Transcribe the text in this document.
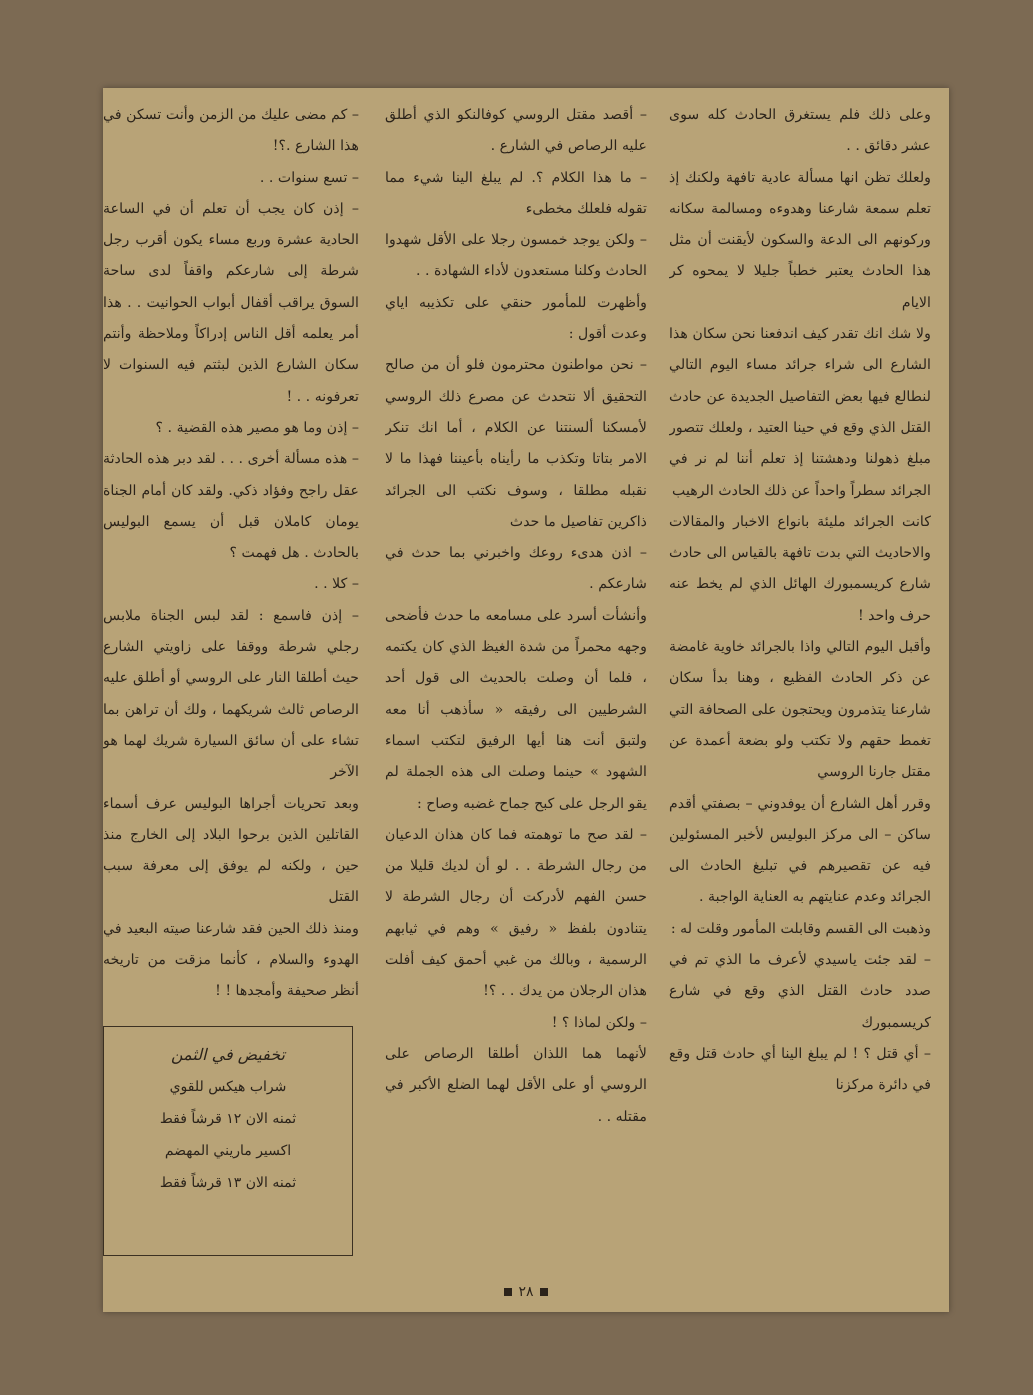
وعلى ذلك فلم يستغرق الحادث كله سوى عشر دقائق . .

ولعلك تظن انها مسألة عادية تافهة ولكنك إذ تعلم سمعة شارعنا وهدوءه ومسالمة سكانه وركونهم الى الدعة والسكون لأيقنت أن مثل هذا الحادث يعتبر خطباً جليلا لا يمحوه كر الايام

ولا شك انك تقدر كيف اندفعنا نحن سكان هذا الشارع الى شراء جرائد مساء اليوم التالي لنطالع فيها بعض التفاصيل الجديدة عن حادث القتل الذي وقع في حينا العتيد ، ولعلك تتصور مبلغ ذهولنا ودهشتنا إذ تعلم أننا لم نر في الجرائد سطراً واحداً عن ذلك الحادث الرهيب

كانت الجرائد مليئة بانواع الاخبار والمقالات والاحاديث التي بدت تافهة بالقياس الى حادث شارع كريسمبورك الهائل الذي لم يخط عنه حرف واحد !

وأقبل اليوم التالي واذا بالجرائد خاوية غامضة عن ذكر الحادث الفظيع ، وهنا بدأ سكان شارعنا يتذمرون ويحتجون على الصحافة التي تغمط حقهم ولا تكتب ولو بضعة أعمدة عن مقتل جارنا الروسي

وقرر أهل الشارع أن يوفدوني – بصفتي أقدم ساكن – الى مركز البوليس لأخبر المسئولين فيه عن تقصيرهم في تبليغ الحادث الى الجرائد وعدم عنايتهم به العناية الواجبة .

وذهبت الى القسم وقابلت المأمور وقلت له :

– لقد جئت ياسيدي لأعرف ما الذي تم في صدد حادث القتل الذي وقع في شارع كريسمبورك

– أي قتل ؟ ! لم يبلغ الينا أي حادث قتل وقع في دائرة مركزنا

– أقصد مقتل الروسي كوفالنكو الذي أطلق عليه الرصاص في الشارع .

– ما هذا الكلام ؟. لم يبلغ الينا شيء مما تقوله فلعلك مخطىء

– ولكن يوجد خمسون رجلا على الأقل شهدوا الحادث وكلنا مستعدون لأداء الشهادة . .

وأظهرت للمأمور حنقي على تكذيبه اياي وعدت أقول :

– نحن مواطنون محترمون فلو أن من صالح التحقيق ألا نتحدث عن مصرع ذلك الروسي لأمسكنا ألسنتنا عن الكلام ، أما انك تنكر الامر بتاتا وتكذب ما رأيناه بأعيننا فهذا ما لا نقبله مطلقا ، وسوف نكتب الى الجرائد ذاكرين تفاصيل ما حدث

– اذن هدىء روعك واخبرني بما حدث في شارعكم .

وأنشأت أسرد على مسامعه ما حدث فأضحى وجهه محمراً من شدة الغيظ الذي كان يكتمه ، فلما أن وصلت بالحديث الى قول أحد الشرطيين الى رفيقه « سأذهب أنا معه ولتبق أنت هنا أيها الرفيق لتكتب اسماء الشهود » حينما وصلت الى هذه الجملة لم يقو الرجل على كبح جماح غضبه وصاح :

– لقد صح ما توهمته فما كان هذان الدعيان من رجال الشرطة . . لو أن لديك قليلا من حسن الفهم لأدركت أن رجال الشرطة لا يتنادون بلفظ « رفيق » وهم في ثيابهم الرسمية ، وبالك من غبي أحمق كيف أفلت هذان الرجلان من يدك . . ؟!

– ولكن لماذا ؟ !

لأنهما هما اللذان أطلقا الرصاص على الروسي أو على الأقل لهما الضلع الأكبر في مقتله . .

– كم مضى عليك من الزمن وأنت تسكن في هذا الشارع .؟!

– تسع سنوات . .

– إذن كان يجب أن تعلم أن في الساعة الحادية عشرة وربع مساء يكون أقرب رجل شرطة إلى شارعكم واقفاً لدى ساحة السوق يراقب أقفال أبواب الحوانيت . . هذا أمر يعلمه أقل الناس إدراكاً وملاحظة وأنتم سكان الشارع الذين لبثتم فيه السنوات لا تعرفونه . . !

– إذن وما هو مصير هذه القضية . ؟

– هذه مسألة أخرى . . . لقد دبر هذه الحادثة عقل راجح وفؤاد ذكي. ولقد كان أمام الجناة يومان كاملان قبل أن يسمع البوليس بالحادث . هل فهمت ؟

– كلا . .

– إذن فاسمع : لقد لبس الجناة ملابس رجلي شرطة ووقفا على زاويتي الشارع حيث أطلقا النار على الروسي أو أطلق عليه الرصاص ثالث شريكهما ، ولك أن تراهن بما تشاء على أن سائق السيارة شريك لهما هو الآخر

وبعد تحريات أجراها البوليس عرف أسماء القاتلين الذين برحوا البلاد إلى الخارج منذ حين ، ولكنه لم يوفق إلى معرفة سبب القتل

ومنذ ذلك الحين فقد شارعنا صيته البعيد في الهدوء والسلام ، كأنما مزقت من تاريخه أنظر صحيفة وأمجدها ! !

تخفيض في الثمن
شراب هيكس للقوي
ثمنه الان ١٢ قرشاً فقط
اكسير ماريني المهضم
ثمنه الان ١٣ قرشاً فقط
٢٨
